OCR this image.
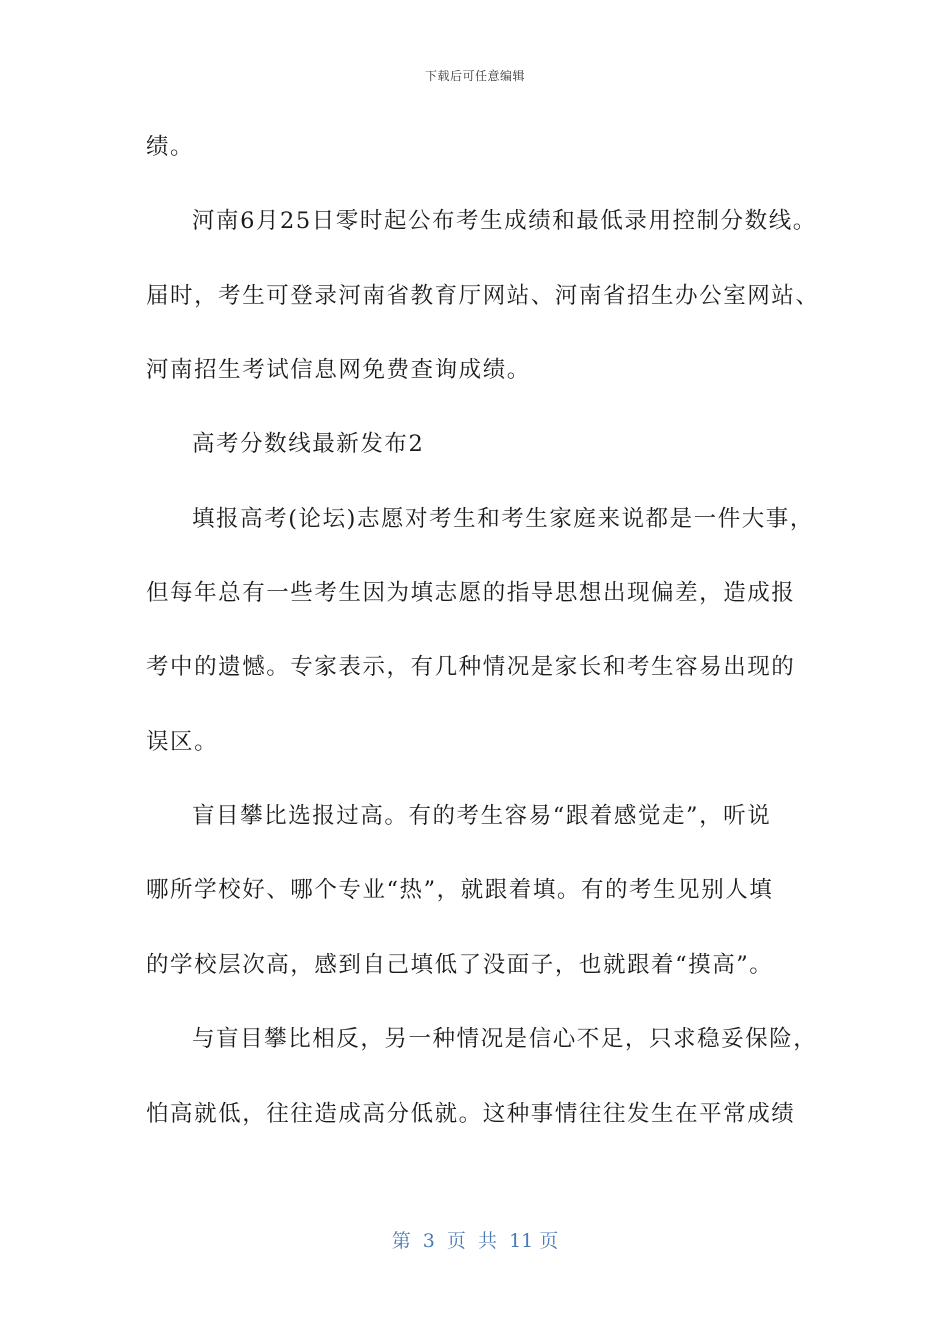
下载后可任意编辑
绩。
河南6月25日零时起公布考生成绩和最低录用控制分数线。
届时，考生可登录河南省教育厅网站、河南省招生办公室网站、
河南招生考试信息网免费查询成绩。
高考分数线最新发布2
填报高考(论坛)志愿对考生和考生家庭来说都是一件大事，
但每年总有一些考生因为填志愿的指导思想出现偏差，造成报
考中的遗憾。专家表示，有几种情况是家长和考生容易出现的
误区。
盲目攀比选报过高。有的考生容易“跟着感觉走”，听说
哪所学校好、哪个专业“热”，就跟着填。有的考生见别人填
的学校层次高，感到自己填低了没面子，也就跟着“摸高”。
与盲目攀比相反，另一种情况是信心不足，只求稳妥保险，
怕高就低，往往造成高分低就。这种事情往往发生在平常成绩
第  3  页  共  11 页
